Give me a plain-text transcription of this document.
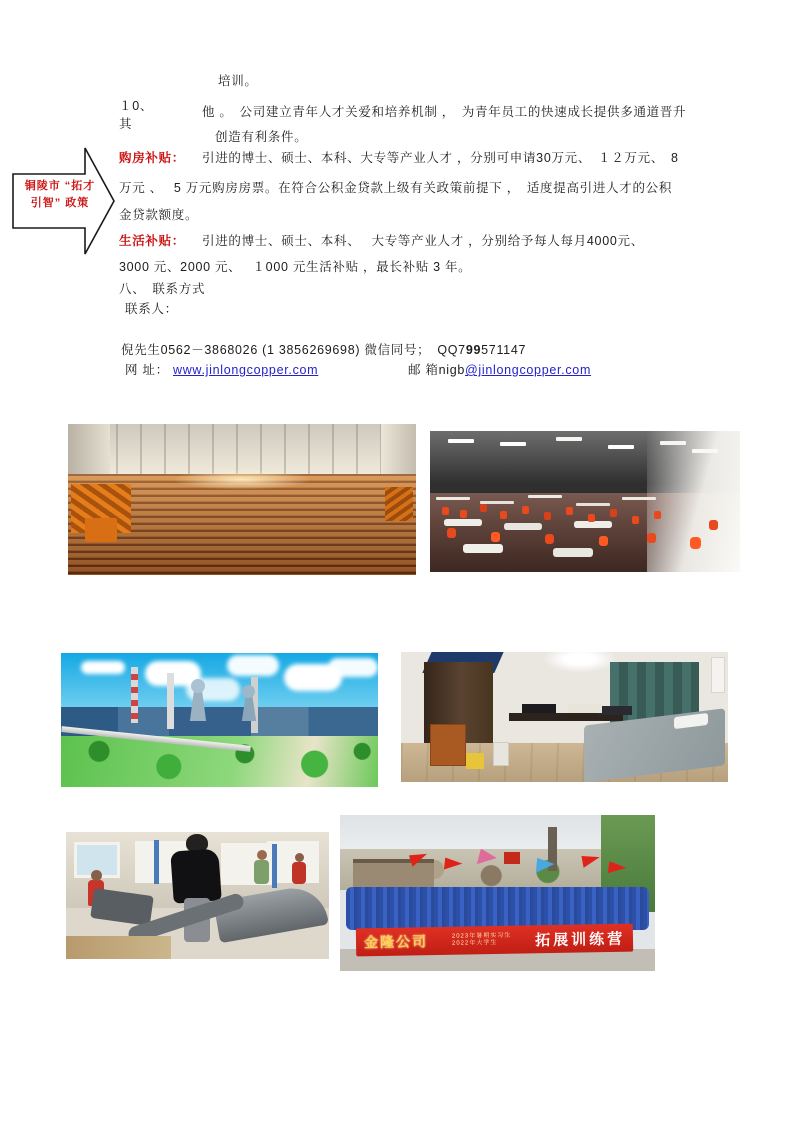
铜陵市 “拓才
引智” 政策
培训。
１0、
其
他 。　公司建立青年人才关爱和培养机制 ，　为青年员工的快速成长提供多通道晋升
创造有利条件。
购房补贴： 引进的博士、硕士、本科、大专等产业人才 ，分别可申请30万元、　１２万元、　8
万元 、　 5 万元购房房票。在符合公积金贷款上级有关政策前提下 ，　适度提高引进人才的公积
金贷款额度。
生活补贴： 引进的博士、硕士、本科、　 大专等产业人才 ，分别给予每人每月4000元、
3000 元、2000 元、　 １000 元生活补贴 ，最长补贴 3 年。
八、　联系方式
联系人：
倪先生0562－3868026 (1 3856269698) 微信同号；　QQ799571147
网 址： www.jinlongcopper.com	邮 箱nigb@jinlongcopper.com
金隆公司	2023年暑期实习生
2022年大学生	拓展训练营
